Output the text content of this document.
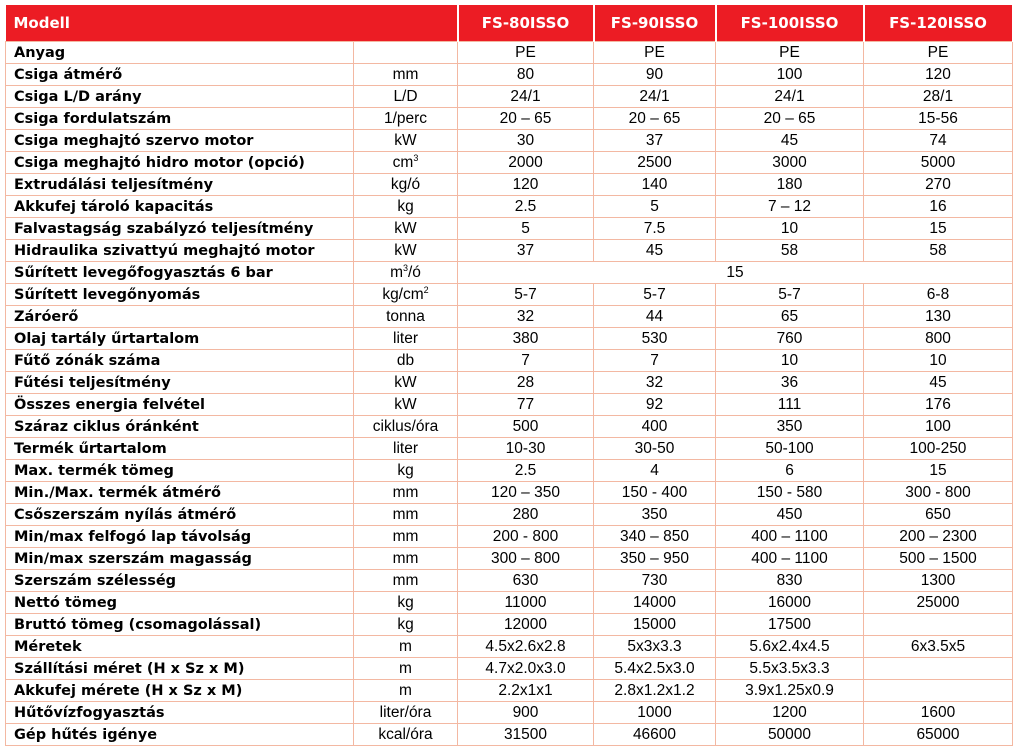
Modell		FS-80ISSO	FS-90ISSO	FS-100ISSO	FS-120ISSO
Anyag		PE	PE	PE	PE
Csiga átmérő	mm	80	90	100	120
Csiga L/D arány	L/D	24/1	24/1	24/1	28/1
Csiga fordulatszám	1/perc	20 – 65	20 – 65	20 – 65	15-56
Csiga meghajtó szervo motor	kW	30	37	45	74
Csiga meghajtó hidro motor (opció)	$cm^3$	2000	2500	3000	5000
Extrudálási teljesítmény	kg/ó	120	140	180	270
Akkufej tároló kapacitás	kg	2.5	5	7 – 12	16
Falvastagság szabályzó teljesítmény	kW	5	7.5	10	15
Hidraulika szivattyú meghajtó motor	kW	37	45	58	58
Sűrített levegőfogyasztás 6 bar	$m^3/ó$	15			
Sűrített levegőnyomás	$kg/cm^2$	5-7	5-7	5-7	6-8
Záróerő	tonna	32	44	65	130
Olaj tartály űrtartalom	liter	380	530	760	800
Fűtő zónák száma	db	7	7	10	10
Fűtési teljesítmény	kW	28	32	36	45
Összes energia felvétel	kW	77	92	111	176
Száraz ciklus óránként	ciklus/óra	500	400	350	100
Termék űrtartalom	liter	10-30	30-50	50-100	100-250
Max. termék tömeg	kg	2.5	4	6	15
Min./Max. termék átmérő	mm	120 – 350	150 - 400	150 - 580	300 - 800
Csőszerszám nyílás átmérő	mm	280	350	450	650
Min/max felfogó lap távolság	mm	200 - 800	340 – 850	400 – 1100	200 – 2300
Min/max szerszám magasság	mm	300 – 800	350 – 950	400 – 1100	500 – 1500
Szerszám szélesség	mm	630	730	830	1300
Nettó tömeg	kg	11000	14000	16000	25000
Bruttó tömeg (csomagolással)	kg	12000	15000	17500	
Méretek	m	4.5x2.6x2.8	5x3x3.3	5.6x2.4x4.5	6x3.5x5
Szállítási méret (H x Sz x M)	m	4.7x2.0x3.0	5.4x2.5x3.0	5.5x3.5x3.3	
Akkufej mérete (H x Sz x M)	m	2.2x1x1	2.8x1.2x1.2	3.9x1.25x0.9	
Hűtővízfogyasztás	liter/óra	900	1000	1200	1600
Gép hűtés igénye	kcal/óra	31500	46600	50000	65000
